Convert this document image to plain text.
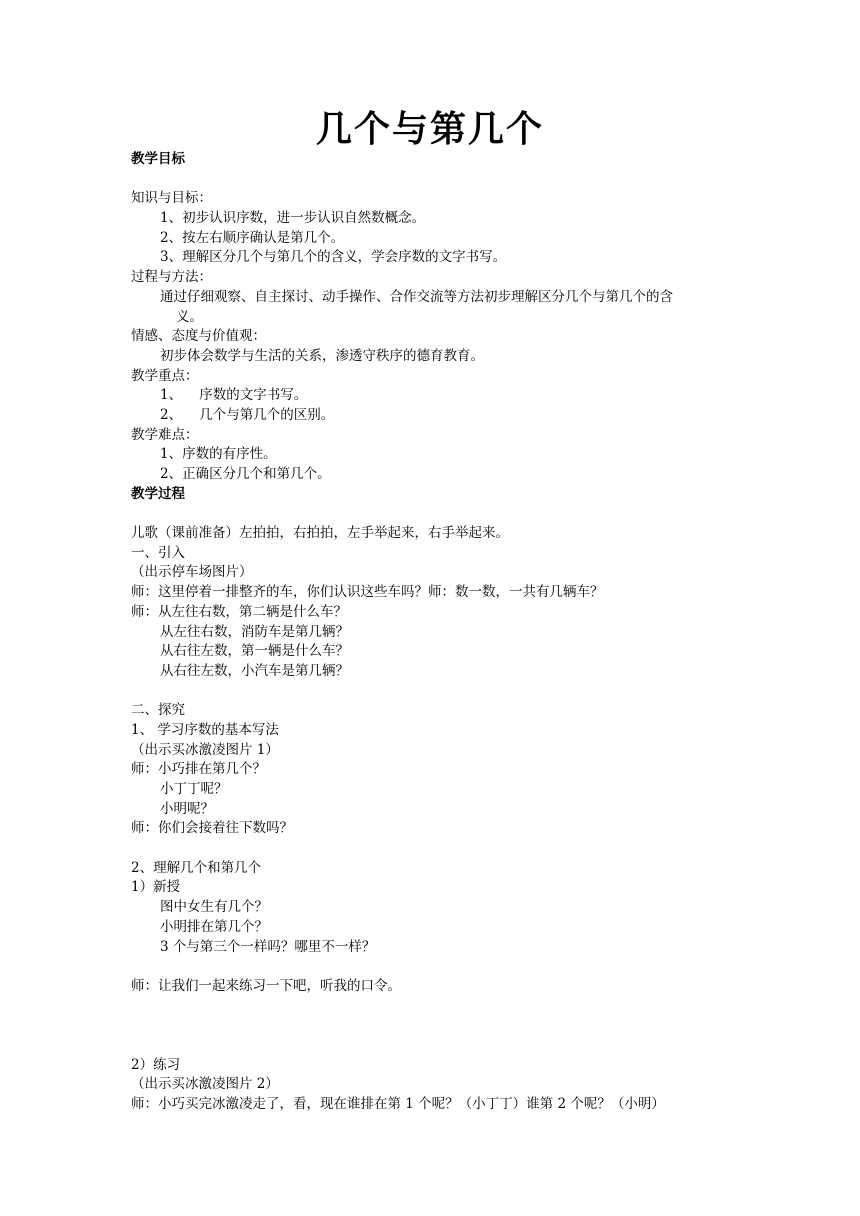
几个与第几个
教学目标
知识与目标：
1、初步认识序数，进一步认识自然数概念。
2、按左右顺序确认是第几个。
3、理解区分几个与第几个的含义，学会序数的文字书写。
过程与方法：
通过仔细观察、自主探讨、动手操作、合作交流等方法初步理解区分几个与第几个的含
义。
情感、态度与价值观：
初步体会数学与生活的关系，渗透守秩序的德育教育。
教学重点：
1、    序数的文字书写。
2、    几个与第几个的区别。
教学难点：
1、序数的有序性。
2、正确区分几个和第几个。
教学过程
儿歌（课前准备）左拍拍，右拍拍，左手举起来，右手举起来。
一、引入
（出示停车场图片）
师：这里停着一排整齐的车，你们认识这些车吗？师：数一数，一共有几辆车？
师：从左往右数，第二辆是什么车？
从左往右数，消防车是第几辆？
从右往左数，第一辆是什么车？
从右往左数，小汽车是第几辆？
二、探究
1、 学习序数的基本写法
（出示买冰激凌图片 1）
师：小巧排在第几个？
小丁丁呢？
小明呢？
师：你们会接着往下数吗？
2、理解几个和第几个
1）新授
图中女生有几个？
小明排在第几个？
3 个与第三个一样吗？哪里不一样？
师：让我们一起来练习一下吧，听我的口令。
2）练习
（出示买冰激凌图片 2）
师：小巧买完冰激凌走了，看，现在谁排在第 1 个呢？（小丁丁）谁第 2 个呢？（小明）
